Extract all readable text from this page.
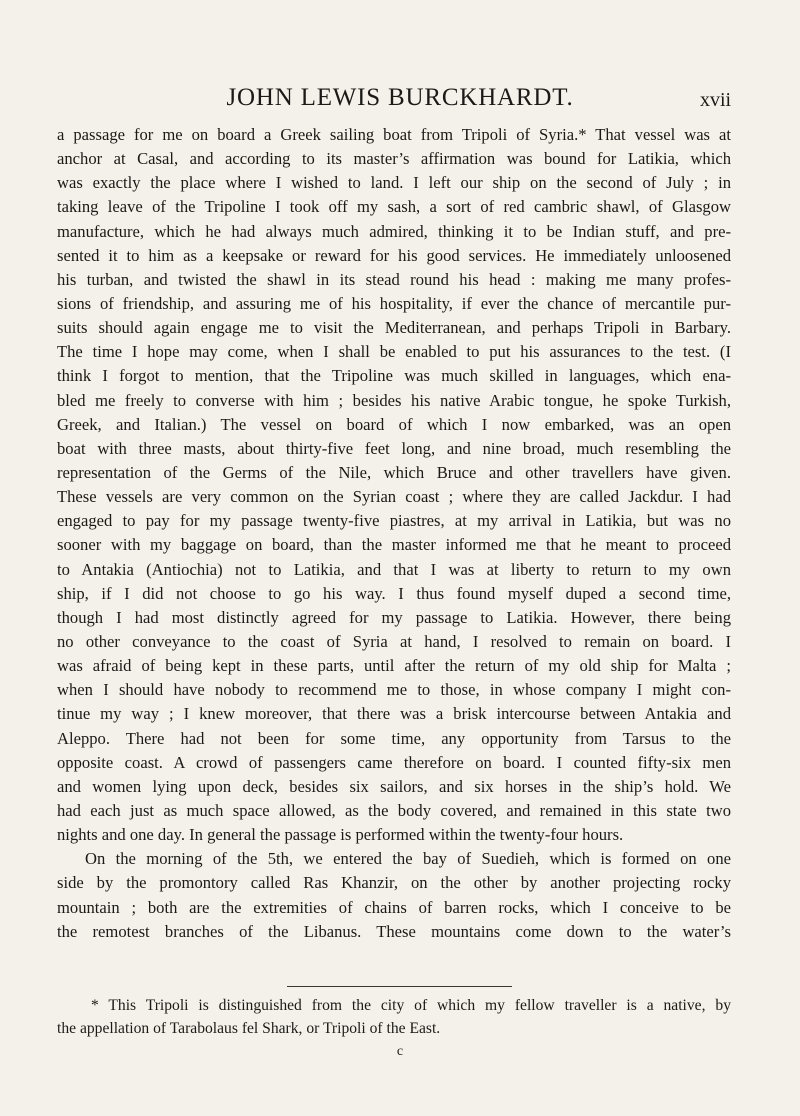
JOHN LEWIS BURCKHARDT.	xvii
a passage for me on board a Greek sailing boat from Tripoli of Syria.* That vessel was at
anchor at Casal, and according to its master’s affirmation was bound for Latikia, which
was exactly the place where I wished to land. I left our ship on the second of July ; in
taking leave of the Tripoline I took off my sash, a sort of red cambric shawl, of Glasgow
manufacture, which he had always much admired, thinking it to be Indian stuff, and pre-
sented it to him as a keepsake or reward for his good services. He immediately unloosened
his turban, and twisted the shawl in its stead round his head : making me many profes-
sions of friendship, and assuring me of his hospitality, if ever the chance of mercantile pur-
suits should again engage me to visit the Mediterranean, and perhaps Tripoli in Barbary.
The time I hope may come, when I shall be enabled to put his assurances to the test. (I
think I forgot to mention, that the Tripoline was much skilled in languages, which ena-
bled me freely to converse with him ; besides his native Arabic tongue, he spoke Turkish,
Greek, and Italian.) The vessel on board of which I now embarked, was an open
boat with three masts, about thirty-five feet long, and nine broad, much resembling the
representation of the Germs of the Nile, which Bruce and other travellers have given.
These vessels are very common on the Syrian coast ; where they are called Jackdur. I had
engaged to pay for my passage twenty-five piastres, at my arrival in Latikia, but was no
sooner with my baggage on board, than the master informed me that he meant to proceed
to Antakia (Antiochia) not to Latikia, and that I was at liberty to return to my own
ship, if I did not choose to go his way. I thus found myself duped a second time,
though I had most distinctly agreed for my passage to Latikia. However, there being
no other conveyance to the coast of Syria at hand, I resolved to remain on board. I
was afraid of being kept in these parts, until after the return of my old ship for Malta ;
when I should have nobody to recommend me to those, in whose company I might con-
tinue my way ; I knew moreover, that there was a brisk intercourse between Antakia and
Aleppo. There had not been for some time, any opportunity from Tarsus to the
opposite coast. A crowd of passengers came therefore on board. I counted fifty-six men
and women lying upon deck, besides six sailors, and six horses in the ship’s hold. We
had each just as much space allowed, as the body covered, and remained in this state two
nights and one day. In general the passage is performed within the twenty-four hours.
On the morning of the 5th, we entered the bay of Suedieh, which is formed on one
side by the promontory called Ras Khanzir, on the other by another projecting rocky
mountain ; both are the extremities of chains of barren rocks, which I conceive to be
the remotest branches of the Libanus. These mountains come down to the water’s
* This Tripoli is distinguished from the city of which my fellow traveller is a native, by
the appellation of Tarabolaus fel Shark, or Tripoli of the East.
c
